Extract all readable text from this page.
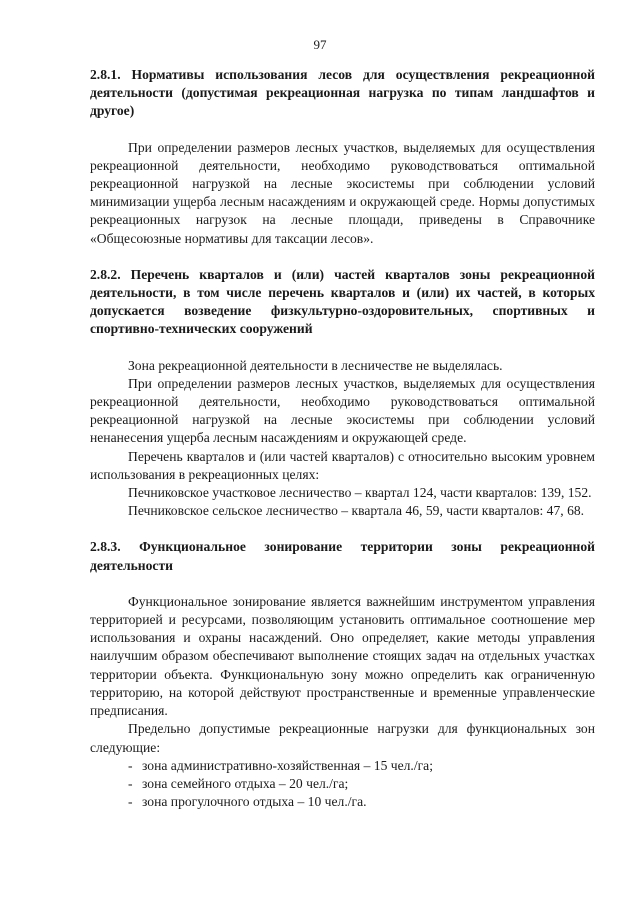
97

2.8.1. Нормативы использования лесов для осуществления рекреационной деятельности (допустимая рекреационная нагрузка по типам ландшафтов и другое)

При определении размеров лесных участков, выделяемых для осуществления рекреационной деятельности, необходимо руководствоваться оптимальной рекреационной нагрузкой на лесные экосистемы при соблюдении условий минимизации ущерба лесным насаждениям и окружающей среде. Нормы допустимых рекреационных нагрузок на лесные площади, приведены в Справочнике «Общесоюзные нормативы для таксации лесов».

2.8.2. Перечень кварталов и (или) частей кварталов зоны рекреационной деятельности, в том числе перечень кварталов и (или) их частей, в которых допускается возведение физкультурно-оздоровительных, спортивных и спортивно-технических сооружений

Зона рекреационной деятельности в лесничестве не выделялась.

При определении размеров лесных участков, выделяемых для осуществления рекреационной деятельности, необходимо руководствоваться оптимальной рекреационной нагрузкой на лесные экосистемы при соблюдении условий ненанесения ущерба лесным насаждениям и окружающей среде.

Перечень кварталов и (или частей кварталов) с относительно высоким уровнем использования в рекреационных целях:

Печниковское участковое лесничество – квартал 124, части кварталов: 139, 152.

Печниковское сельское лесничество – квартала 46, 59, части кварталов: 47, 68.

2.8.3. Функциональное зонирование территории зоны рекреационной деятельности

Функциональное зонирование является важнейшим инструментом управления территорией и ресурсами, позволяющим установить оптимальное соотношение мер использования и охраны насаждений. Оно определяет, какие методы управления наилучшим образом обеспечивают выполнение стоящих задач на отдельных участках территории объекта. Функциональную зону можно определить как ограниченную территорию, на которой действуют пространственные и временные управленческие предписания.

Предельно допустимые рекреационные нагрузки для функциональных зон следующие:

- зона административно-хозяйственная – 15 чел./га;
- зона семейного отдыха – 20 чел./га;
- зона прогулочного отдыха – 10 чел./га.
